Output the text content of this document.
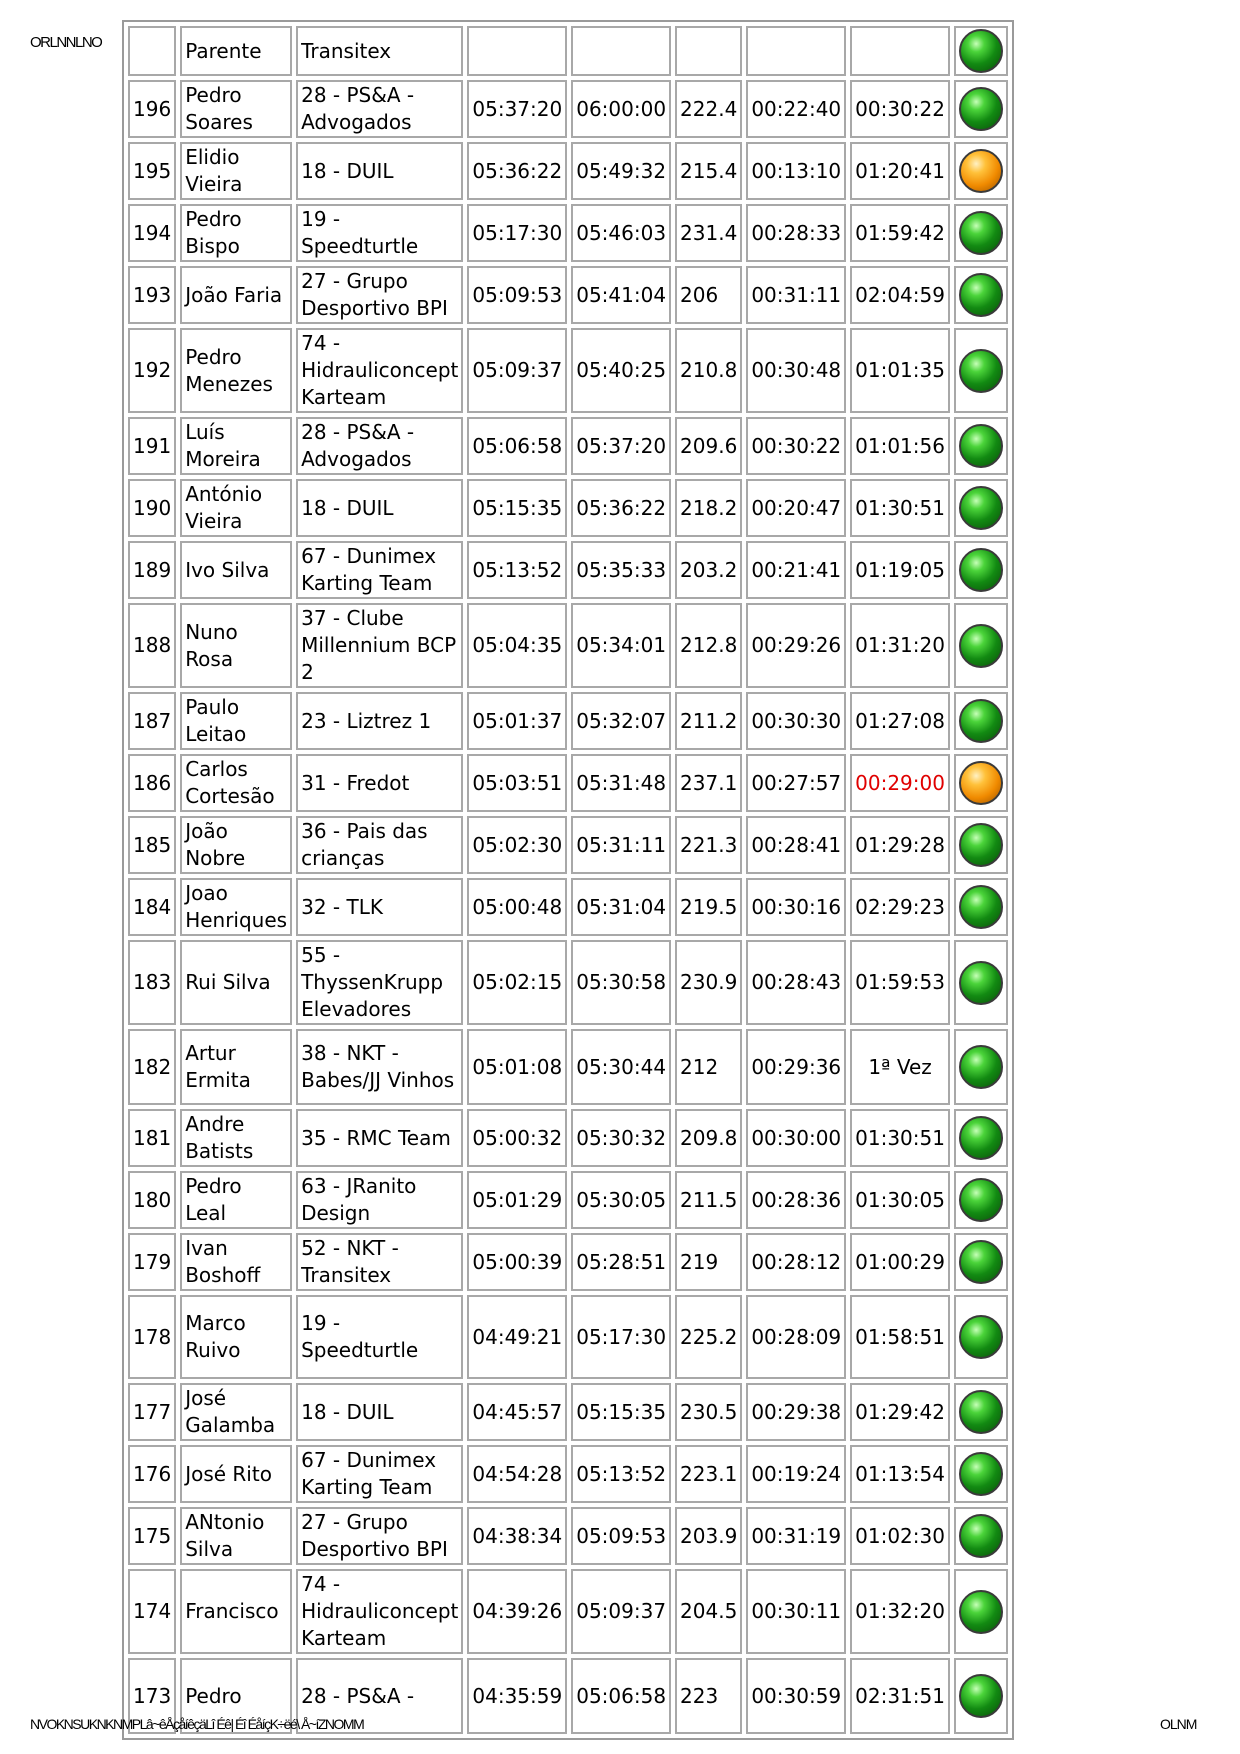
ORLNNLNO
		Parente	Transitex						
196	Pedro Soares	28 - PS&A - Advogados	05:37:20	06:00:00	222.4	00:22:40	00:30:22	
195	Elidio Vieira	18 - DUIL	05:36:22	05:49:32	215.4	00:13:10	01:20:41	
194	Pedro Bispo	19 - Speedturtle	05:17:30	05:46:03	231.4	00:28:33	01:59:42	
193	João Faria	27 - Grupo Desportivo BPI	05:09:53	05:41:04	206	00:31:11	02:04:59	
192	Pedro Menezes	74 - Hidrauliconcept Karteam	05:09:37	05:40:25	210.8	00:30:48	01:01:35	
191	Luís Moreira	28 - PS&A - Advogados	05:06:58	05:37:20	209.6	00:30:22	01:01:56	
190	António Vieira	18 - DUIL	05:15:35	05:36:22	218.2	00:20:47	01:30:51	
189	Ivo Silva	67 - Dunimex Karting Team	05:13:52	05:35:33	203.2	00:21:41	01:19:05	
188	Nuno Rosa	37 - Clube Millennium BCP 2	05:04:35	05:34:01	212.8	00:29:26	01:31:20	
187	Paulo Leitao	23 - Liztrez 1	05:01:37	05:32:07	211.2	00:30:30	01:27:08	
186	Carlos Cortesão	31 - Fredot	05:03:51	05:31:48	237.1	00:27:57	00:29:00	
185	João Nobre	36 - Pais das crianças	05:02:30	05:31:11	221.3	00:28:41	01:29:28	
184	Joao Henriques	32 - TLK	05:00:48	05:31:04	219.5	00:30:16	02:29:23	
183	Rui Silva	55 - ThyssenKrupp Elevadores	05:02:15	05:30:58	230.9	00:28:43	01:59:53	
182	Artur Ermita	38 - NKT - Babes/JJ Vinhos	05:01:08	05:30:44	212	00:29:36	1ª Vez	
181	Andre Batists	35 - RMC Team	05:00:32	05:30:32	209.8	00:30:00	01:30:51	
180	Pedro Leal	63 - JRanito Design	05:01:29	05:30:05	211.5	00:28:36	01:30:05	
179	Ivan Boshoff	52 - NKT - Transitex	05:00:39	05:28:51	219	00:28:12	01:00:29	
178	Marco Ruivo	19 - Speedturtle	04:49:21	05:17:30	225.2	00:28:09	01:58:51	
177	José Galamba	18 - DUIL	04:45:57	05:15:35	230.5	00:29:38	01:29:42	
176	José Rito	67 - Dunimex Karting Team	04:54:28	05:13:52	223.1	00:19:24	01:13:54	
175	ANtonio Silva	27 - Grupo Desportivo BPI	04:38:34	05:09:53	203.9	00:31:19	01:02:30	
174	Francisco	74 - Hidrauliconcept Karteam	04:39:26	05:09:37	204.5	00:30:11	01:32:20	
173	Pedro	28 - PS&A -	04:35:59	05:06:58	223	00:30:59	02:31:51	
NVOKNSUKNKNMPLâ~êÅçåíêçäLî Éê| Éî ÉåíçK÷ëé\ Å~íZNOMM	OLNM
